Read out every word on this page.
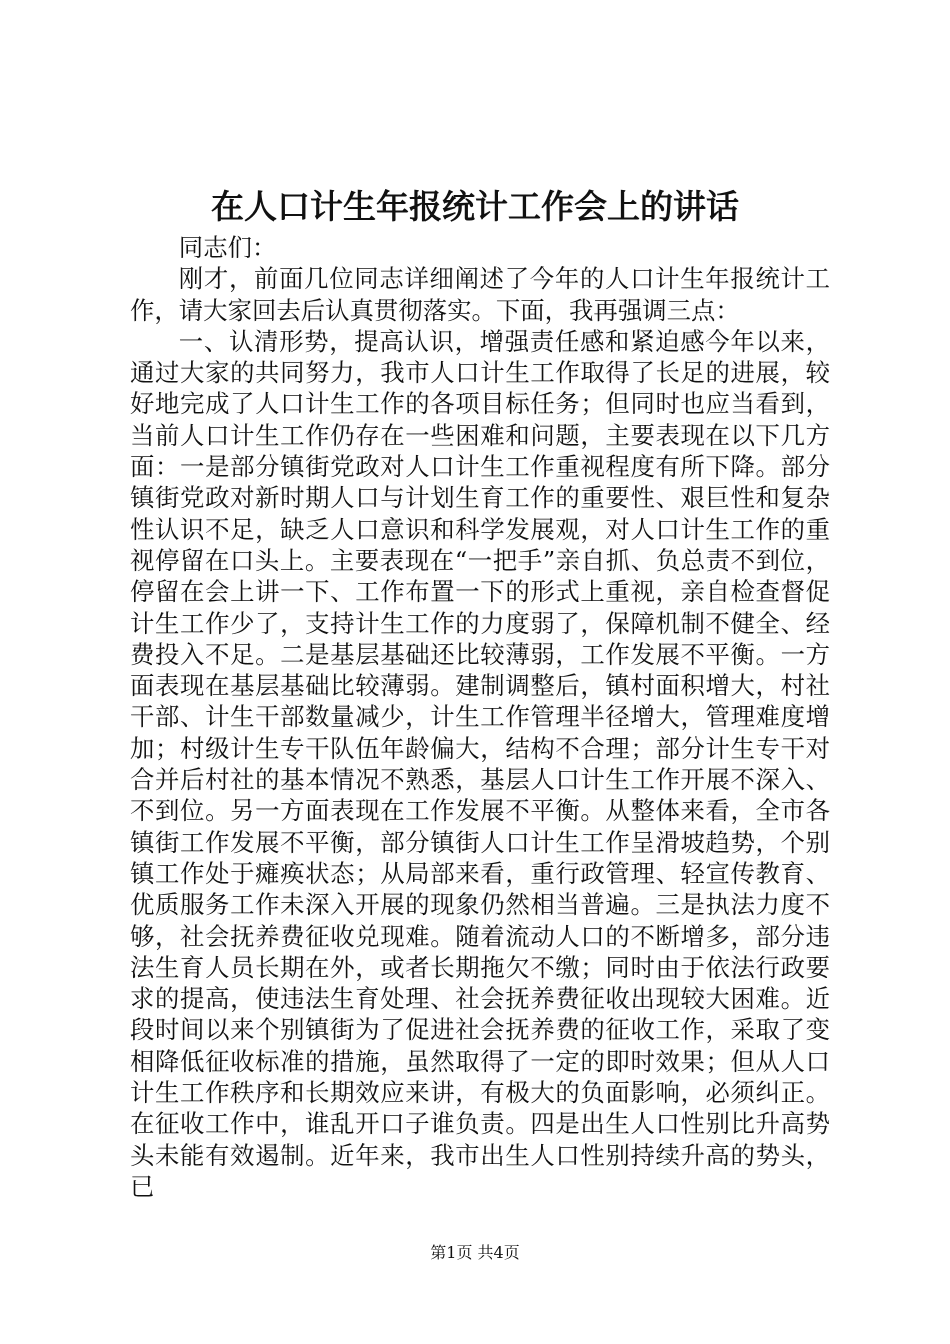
在人口计生年报统计工作会上的讲话

同志们：

刚才，前面几位同志详细阐述了今年的人口计生年报统计工作，请大家回去后认真贯彻落实。下面，我再强调三点：

一、认清形势，提高认识，增强责任感和紧迫感今年以来，通过大家的共同努力，我市人口计生工作取得了长足的进展，较好地完成了人口计生工作的各项目标任务；但同时也应当看到，当前人口计生工作仍存在一些困难和问题，主要表现在以下几方面：一是部分镇街党政对人口计生工作重视程度有所下降。部分镇街党政对新时期人口与计划生育工作的重要性、艰巨性和复杂性认识不足，缺乏人口意识和科学发展观，对人口计生工作的重视停留在口头上。主要表现在“一把手”亲自抓、负总责不到位，停留在会上讲一下、工作布置一下的形式上重视，亲自检查督促计生工作少了，支持计生工作的力度弱了，保障机制不健全、经费投入不足。二是基层基础还比较薄弱，工作发展不平衡。一方面表现在基层基础比较薄弱。建制调整后，镇村面积增大，村社干部、计生干部数量减少，计生工作管理半径增大，管理难度增加；村级计生专干队伍年龄偏大，结构不合理；部分计生专干对合并后村社的基本情况不熟悉，基层人口计生工作开展不深入、不到位。另一方面表现在工作发展不平衡。从整体来看，全市各镇街工作发展不平衡，部分镇街人口计生工作呈滑坡趋势，个别镇工作处于瘫痪状态；从局部来看，重行政管理、轻宣传教育、优质服务工作未深入开展的现象仍然相当普遍。三是执法力度不够，社会抚养费征收兑现难。随着流动人口的不断增多，部分违法生育人员长期在外，或者长期拖欠不缴；同时由于依法行政要求的提高，使违法生育处理、社会抚养费征收出现较大困难。近段时间以来个别镇街为了促进社会抚养费的征收工作，采取了变相降低征收标准的措施，虽然取得了一定的即时效果；但从人口计生工作秩序和长期效应来讲，有极大的负面影响，必须纠正。在征收工作中，谁乱开口子谁负责。四是出生人口性别比升高势头未能有效遏制。近年来，我市出生人口性别持续升高的势头，已

第1页 共4页
